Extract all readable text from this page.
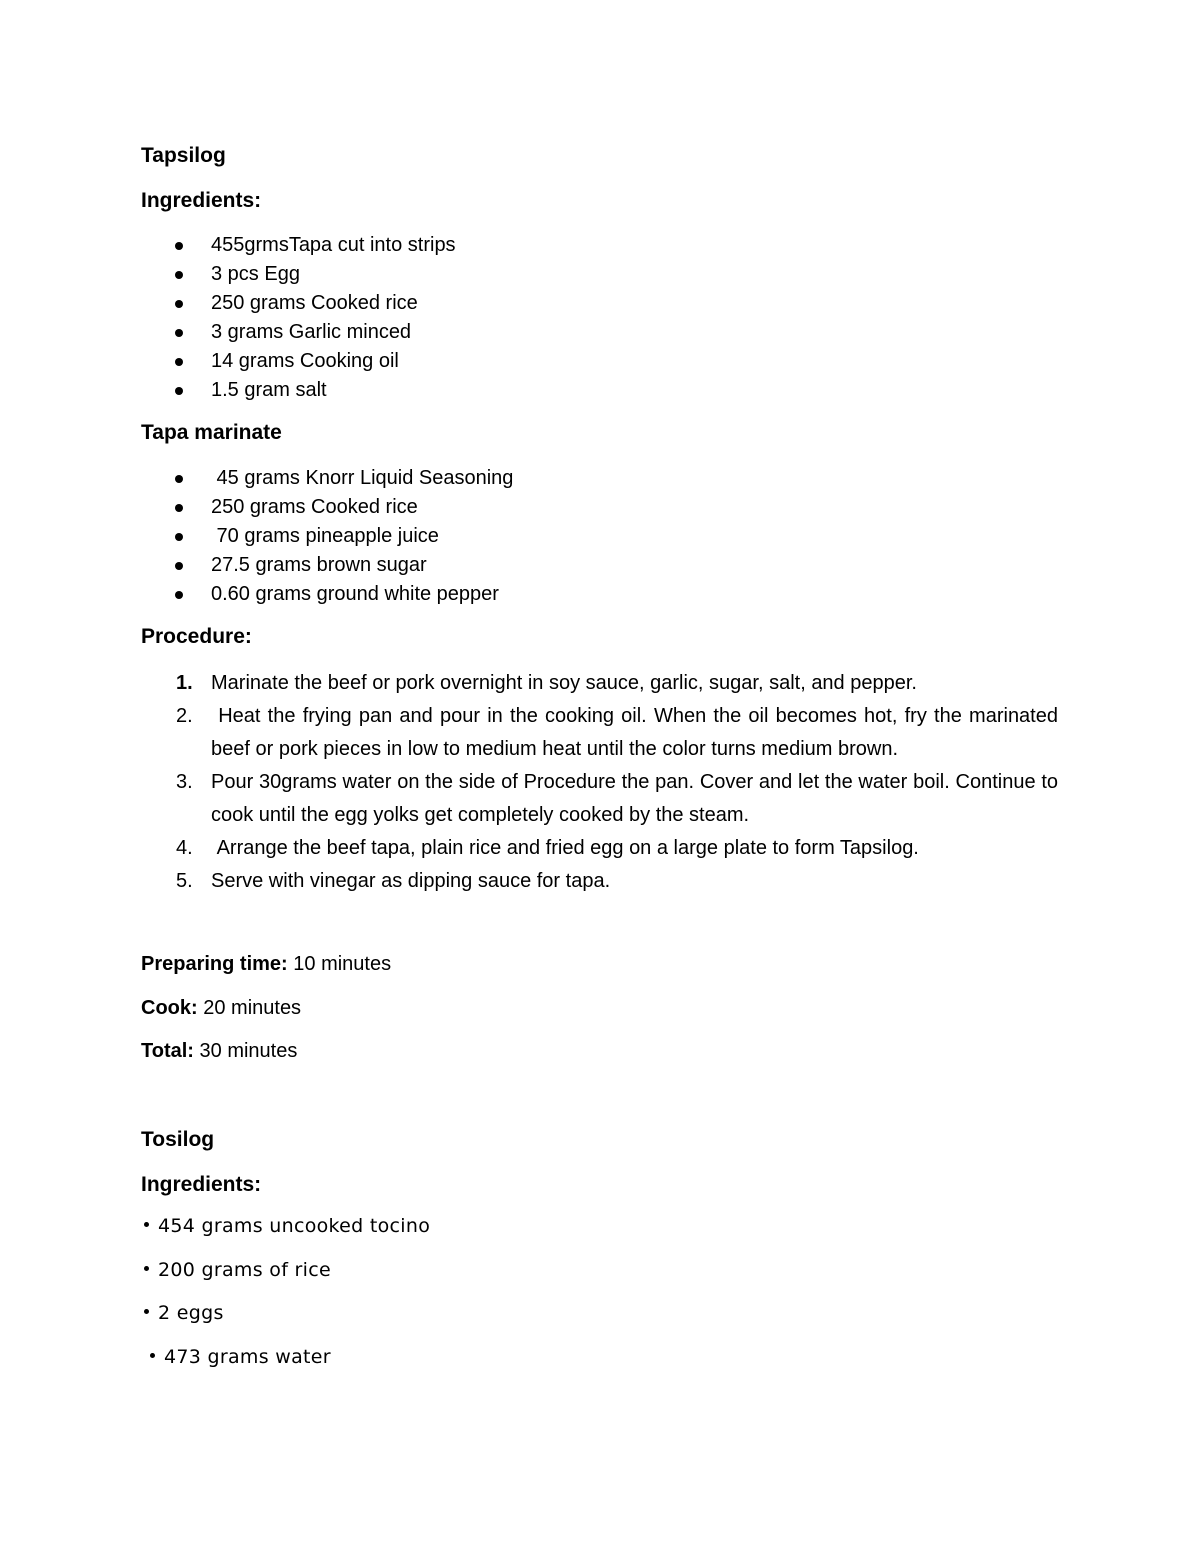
Tapsilog
Ingredients:
455grmsTapa cut into strips
3 pcs Egg
250 grams Cooked rice
3 grams Garlic minced
14 grams Cooking oil
1.5 gram salt
Tapa marinate
45 grams Knorr Liquid Seasoning
250 grams Cooked rice
70 grams pineapple juice
27.5 grams brown sugar
0.60 grams ground white pepper
Procedure:
1. Marinate the beef or pork overnight in soy sauce, garlic, sugar, salt, and pepper.
2. Heat the frying pan and pour in the cooking oil. When the oil becomes hot, fry the marinated beef or pork pieces in low to medium heat until the color turns medium brown.
3. Pour 30grams water on the side of Procedure the pan. Cover and let the water boil. Continue to cook until the egg yolks get completely cooked by the steam.
4. Arrange the beef tapa, plain rice and fried egg on a large plate to form Tapsilog.
5. Serve with vinegar as dipping sauce for tapa.
Preparing time: 10 minutes
Cook: 20 minutes
Total: 30 minutes
Tosilog
Ingredients:
454 grams uncooked tocino
200 grams of rice
2 eggs
473 grams water
